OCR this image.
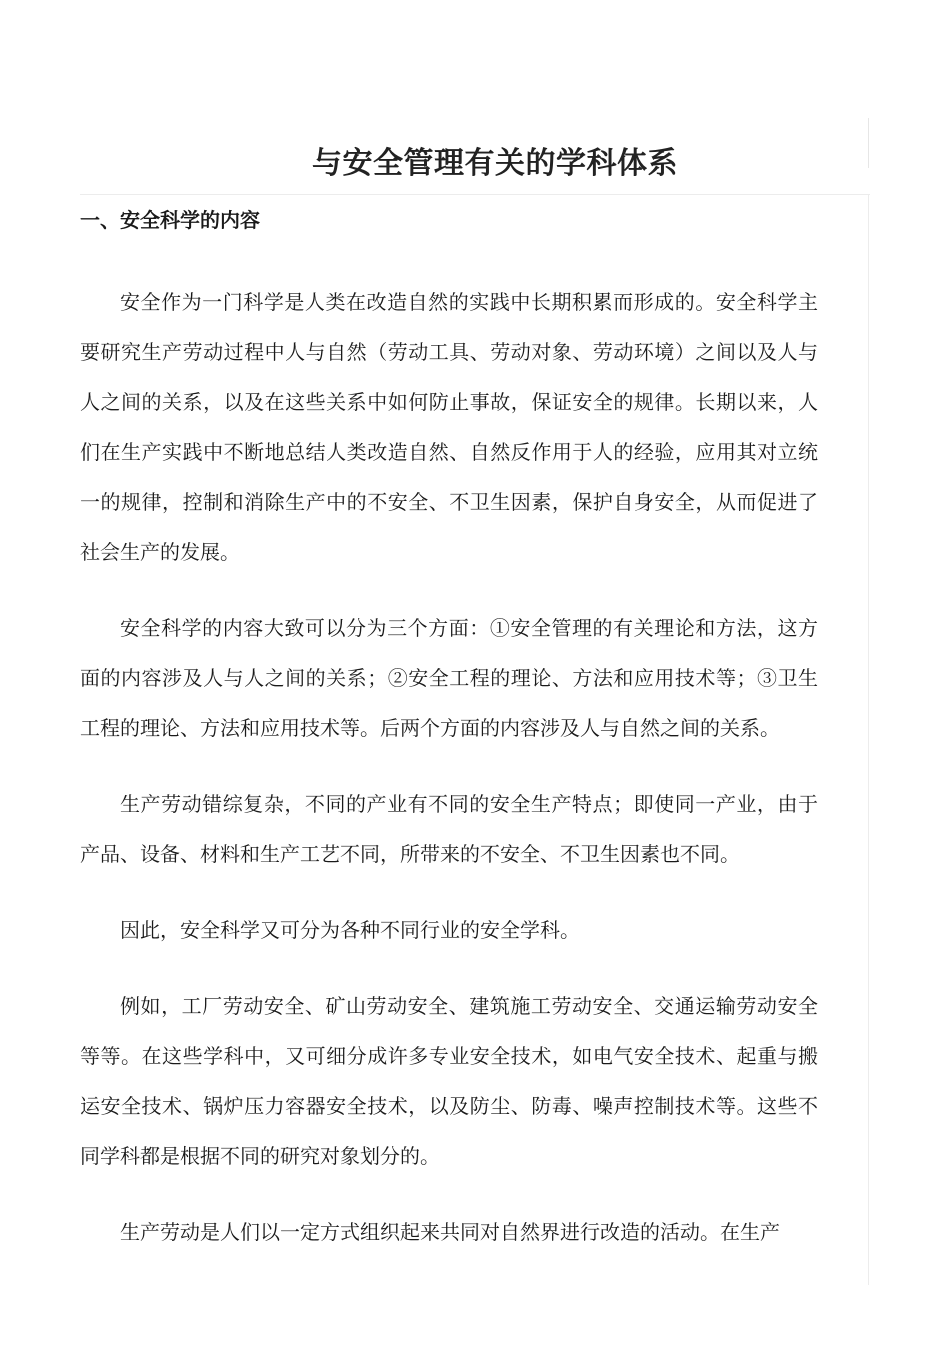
与安全管理有关的学科体系
一、安全科学的内容

安全作为一门科学是人类在改造自然的实践中长期积累而形成的。安全科学主要研究生产劳动过程中人与自然（劳动工具、劳动对象、劳动环境）之间以及人与人之间的关系，以及在这些关系中如何防止事故，保证安全的规律。长期以来，人们在生产实践中不断地总结人类改造自然、自然反作用于人的经验，应用其对立统一的规律，控制和消除生产中的不安全、不卫生因素，保护自身安全，从而促进了社会生产的发展。

安全科学的内容大致可以分为三个方面：①安全管理的有关理论和方法，这方面的内容涉及人与人之间的关系；②安全工程的理论、方法和应用技术等；③卫生工程的理论、方法和应用技术等。后两个方面的内容涉及人与自然之间的关系。

生产劳动错综复杂，不同的产业有不同的安全生产特点；即使同一产业，由于产品、设备、材料和生产工艺不同，所带来的不安全、不卫生因素也不同。

因此，安全科学又可分为各种不同行业的安全学科。

例如，工厂劳动安全、矿山劳动安全、建筑施工劳动安全、交通运输劳动安全等等。在这些学科中，又可细分成许多专业安全技术，如电气安全技术、起重与搬运安全技术、锅炉压力容器安全技术，以及防尘、防毒、噪声控制技术等。这些不同学科都是根据不同的研究对象划分的。

生产劳动是人们以一定方式组织起来共同对自然界进行改造的活动。在生产
